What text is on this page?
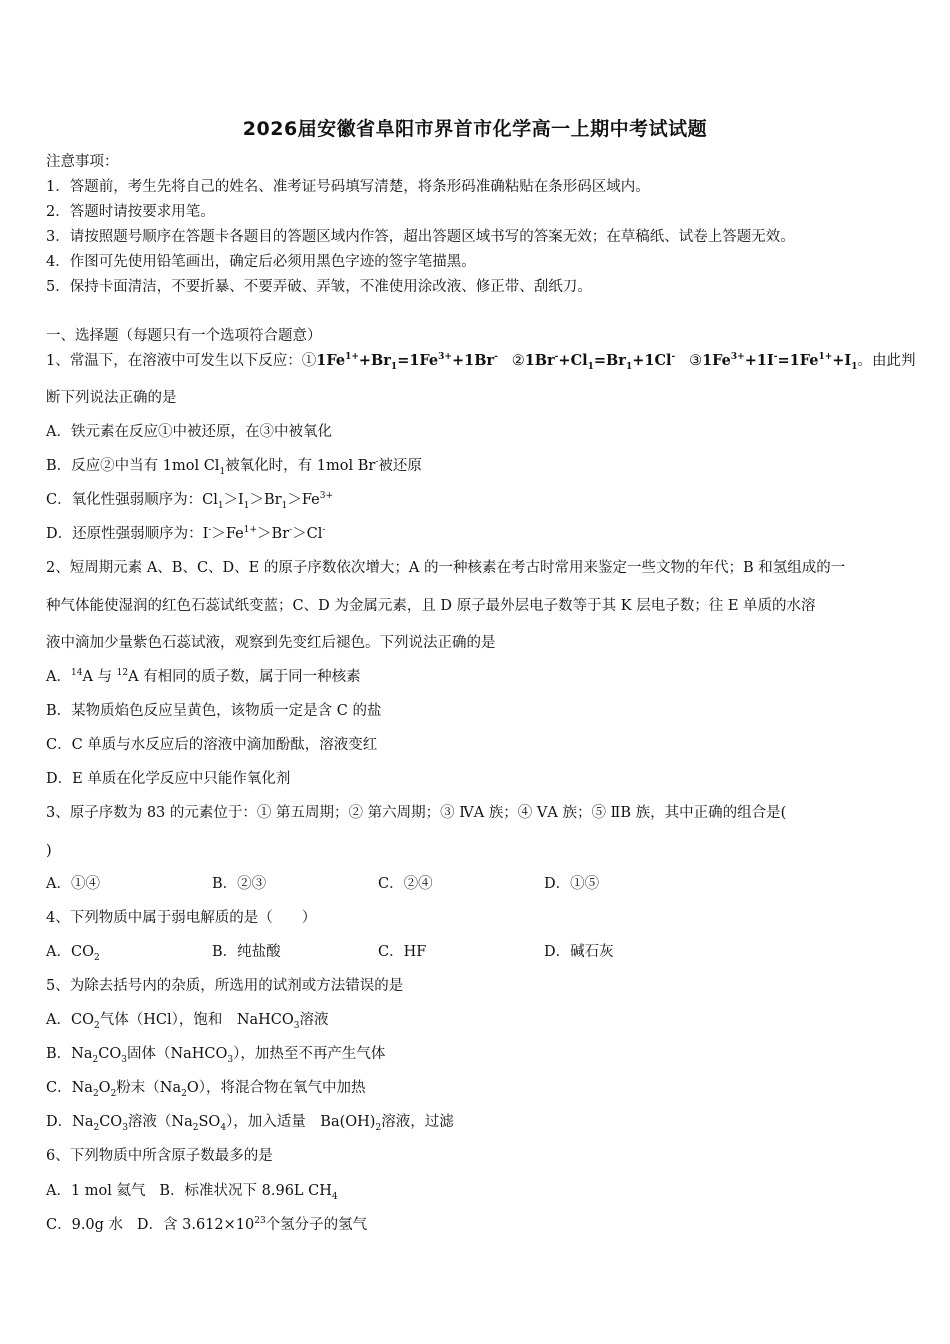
2026届安徽省阜阳市界首市化学高一上期中考试试题
注意事项：
1．答题前，考生先将自己的姓名、准考证号码填写清楚，将条形码准确粘贴在条形码区域内。
2．答题时请按要求用笔。
3．请按照题号顺序在答题卡各题目的答题区域内作答，超出答题区域书写的答案无效；在草稿纸、试卷上答题无效。
4．作图可先使用铅笔画出，确定后必须用黑色字迹的签字笔描黑。
5．保持卡面清洁，不要折暴、不要弄破、弄皱，不准使用涂改液、修正带、刮纸刀。
一、选择题（每题只有一个选项符合题意）
1、常温下，在溶液中可发生以下反应：$①1Fe^{1+}+Br_1=1Fe^{3+}+1Br^-$ $②1Br^-+Cl_1=Br_1+1Cl^-$ $③1Fe^{3+}+1I^-=1Fe^{1+}+I_1$。由此判
断下列说法正确的是
A．铁元素在反应①中被还原，在③中被氧化
B．反应②中当有 1mol $Cl_1$被氧化时，有 1mol Br-被还原
C．氧化性强弱顺序为：$Cl_1>I_1>Br_1>Fe^{3+}$
D．还原性强弱顺序为：$I^->Fe^{1+}>Br^->Cl^-$
2、短周期元素 A、B、C、D、E 的原子序数依次增大；A 的一种核素在考古时常用来鉴定一些文物的年代；B 和氢组成的一
种气体能使湿润的红色石蕊试纸变蓝；C、D 为金属元素，且 D 原子最外层电子数等于其 K 层电子数；往 E 单质的水溶
液中滴加少量紫色石蕊试液，观察到先变红后褪色。下列说法正确的是
A．$^{14}$A 与 $^{12}$A 有相同的质子数，属于同一种核素
B．某物质焰色反应呈黄色，该物质一定是含 C 的盐
C．C 单质与水反应后的溶液中滴加酚酞，溶液变红
D．E 单质在化学反应中只能作氧化剂
3、原子序数为 83 的元素位于：① 第五周期；② 第六周期；③ ⅣA 族；④ ⅤA 族；⑤ ⅡB 族，其中正确的组合是(
)
A．①④	B．②③	C．②④	D．①⑤
4、下列物质中属于弱电解质的是（　　）
A．$CO_2$	B．纯盐酸	C．HF	D．碱石灰
5、为除去括号内的杂质，所选用的试剂或方法错误的是
A．$CO_2$气体（HCl），饱和　NaHCO$_3$溶液
B．$Na_2CO_3$固体（NaHCO$_3$），加热至不再产生气体
C．$Na_2O_2$粉末$(Na_2O)$，将混合物在氧气中加热
D．$Na_2CO_3$溶液$(Na_2SO_4)$，加入适量　$Ba(OH)_2$溶液，过滤
6、下列物质中所含原子数最多的是
A．1 mol 氦气 B．标准状况下 8.96L $CH_4$
C．9.0g 水 D．含 $3.612\times 10^{23}$个氢分子的氢气
